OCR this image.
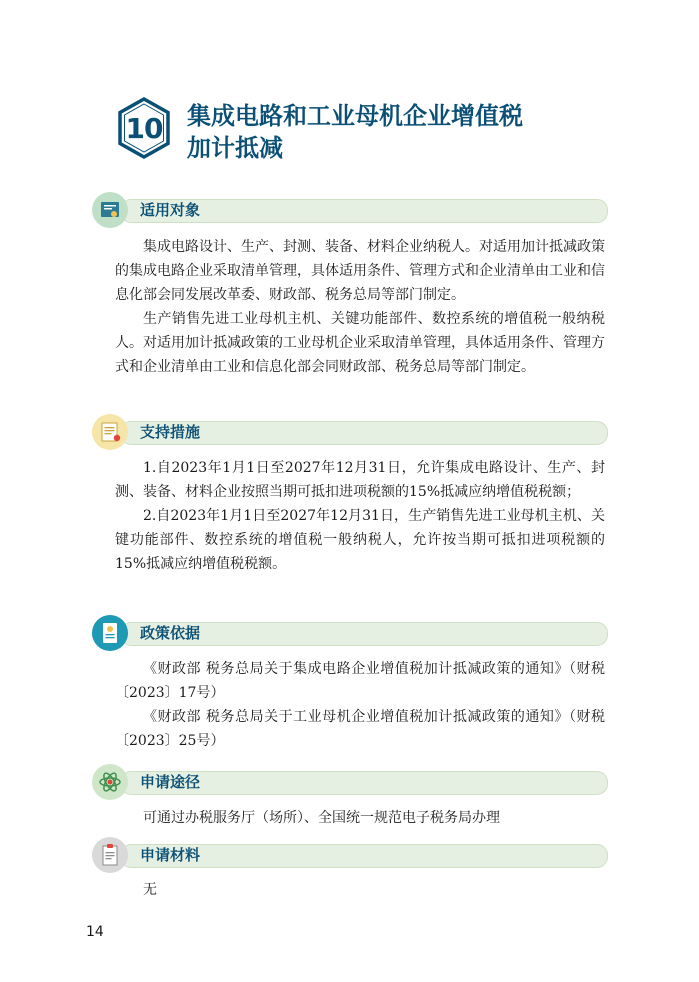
10	集成电路和工业母机企业增值税
加计抵减
适用对象

集成电路设计、生产、封测、装备、材料企业纳税人。对适用加计抵减政策的集成电路企业采取清单管理，具体适用条件、管理方式和企业清单由工业和信息化部会同发展改革委、财政部、税务总局等部门制定。

生产销售先进工业母机主机、关键功能部件、数控系统的增值税一般纳税人。对适用加计抵减政策的工业母机企业采取清单管理，具体适用条件、管理方式和企业清单由工业和信息化部会同财政部、税务总局等部门制定。

支持措施

1.自2023年1月1日至2027年12月31日，允许集成电路设计、生产、封测、装备、材料企业按照当期可抵扣进项税额的15%抵减应纳增值税税额；

2.自2023年1月1日至2027年12月31日，生产销售先进工业母机主机、关键功能部件、数控系统的增值税一般纳税人，允许按当期可抵扣进项税额的15%抵减应纳增值税税额。

政策依据

《财政部 税务总局关于集成电路企业增值税加计抵减政策的通知》（财税〔2023〕17号）

《财政部 税务总局关于工业母机企业增值税加计抵减政策的通知》（财税〔2023〕25号）

申请途径

可通过办税服务厅（场所）、全国统一规范电子税务局办理

申请材料

无

14
